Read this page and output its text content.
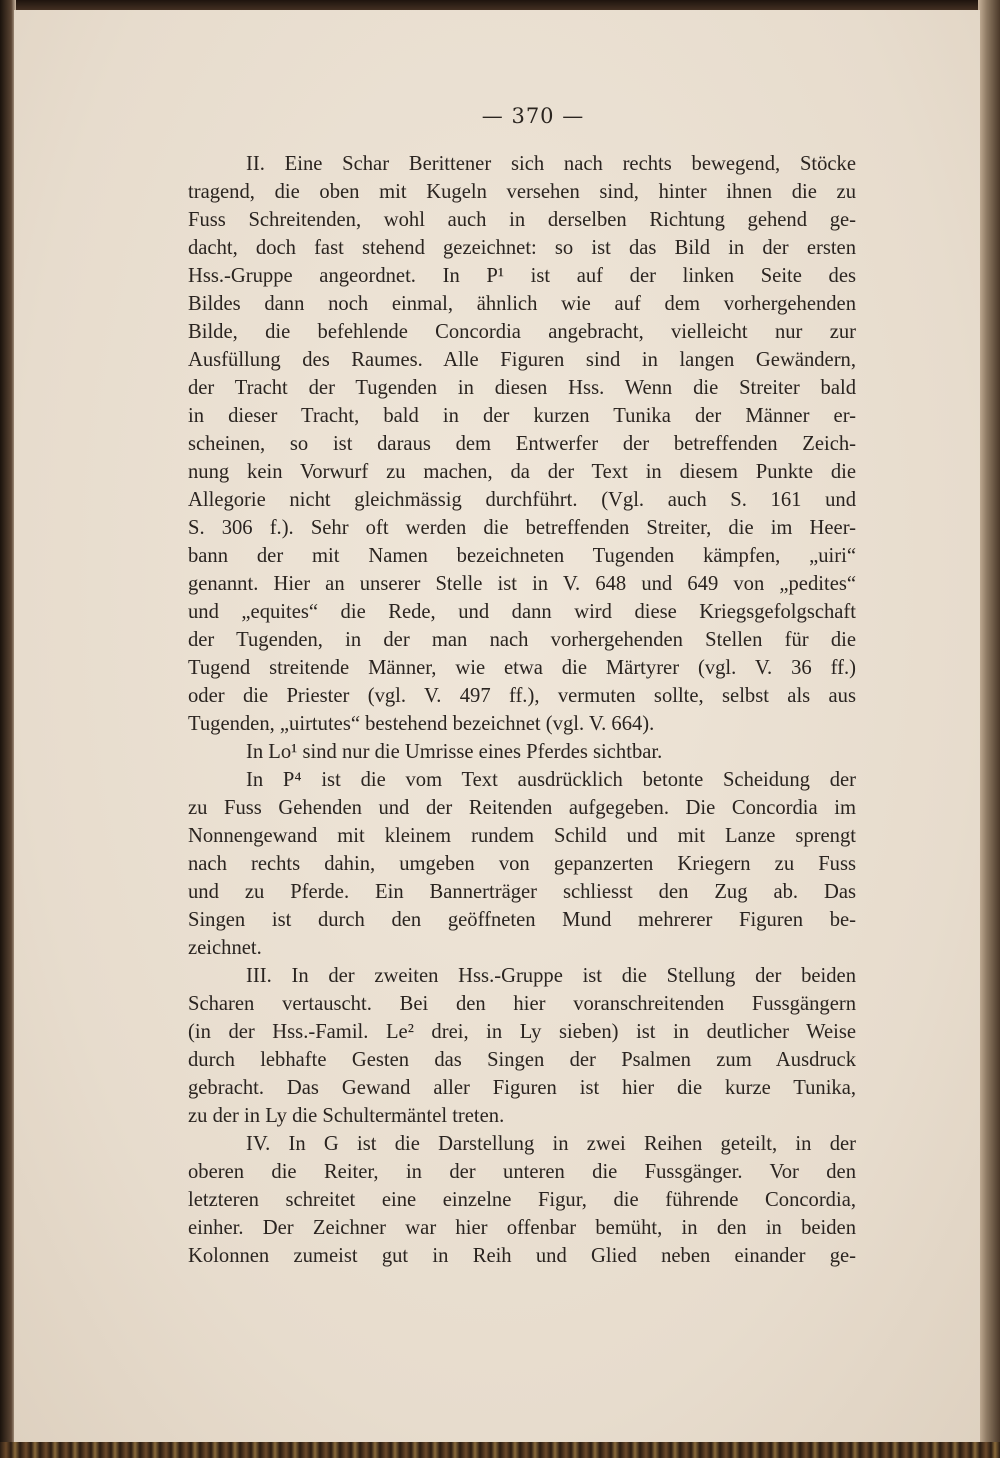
— 370 —
II. Eine Schar Berittener sich nach rechts bewegend, Stöcke
tragend, die oben mit Kugeln versehen sind, hinter ihnen die zu
Fuss Schreitenden, wohl auch in derselben Richtung gehend ge-
dacht, doch fast stehend gezeichnet: so ist das Bild in der ersten
Hss.-Gruppe angeordnet. In P¹ ist auf der linken Seite des
Bildes dann noch einmal, ähnlich wie auf dem vorhergehenden
Bilde, die befehlende Concordia angebracht, vielleicht nur zur
Ausfüllung des Raumes. Alle Figuren sind in langen Gewändern,
der Tracht der Tugenden in diesen Hss. Wenn die Streiter bald
in dieser Tracht, bald in der kurzen Tunika der Männer er-
scheinen, so ist daraus dem Entwerfer der betreffenden Zeich-
nung kein Vorwurf zu machen, da der Text in diesem Punkte die
Allegorie nicht gleichmässig durchführt. (Vgl. auch S. 161 und
S. 306 f.). Sehr oft werden die betreffenden Streiter, die im Heer-
bann der mit Namen bezeichneten Tugenden kämpfen, „uiri“
genannt. Hier an unserer Stelle ist in V. 648 und 649 von „pedites“
und „equites“ die Rede, und dann wird diese Kriegsgefolgschaft
der Tugenden, in der man nach vorhergehenden Stellen für die
Tugend streitende Männer, wie etwa die Märtyrer (vgl. V. 36 ff.)
oder die Priester (vgl. V. 497 ff.), vermuten sollte, selbst als aus
Tugenden, „uirtutes“ bestehend bezeichnet (vgl. V. 664).
In Lo¹ sind nur die Umrisse eines Pferdes sichtbar.
In P⁴ ist die vom Text ausdrücklich betonte Scheidung der
zu Fuss Gehenden und der Reitenden aufgegeben. Die Concordia im
Nonnengewand mit kleinem rundem Schild und mit Lanze sprengt
nach rechts dahin, umgeben von gepanzerten Kriegern zu Fuss
und zu Pferde. Ein Bannerträger schliesst den Zug ab. Das
Singen ist durch den geöffneten Mund mehrerer Figuren be-
zeichnet.
III. In der zweiten Hss.-Gruppe ist die Stellung der beiden
Scharen vertauscht. Bei den hier voranschreitenden Fussgängern
(in der Hss.-Famil. Le² drei, in Ly sieben) ist in deutlicher Weise
durch lebhafte Gesten das Singen der Psalmen zum Ausdruck
gebracht. Das Gewand aller Figuren ist hier die kurze Tunika,
zu der in Ly die Schultermäntel treten.
IV. In G ist die Darstellung in zwei Reihen geteilt, in der
oberen die Reiter, in der unteren die Fussgänger. Vor den
letzteren schreitet eine einzelne Figur, die führende Concordia,
einher. Der Zeichner war hier offenbar bemüht, in den in beiden
Kolonnen zumeist gut in Reih und Glied neben einander ge-
